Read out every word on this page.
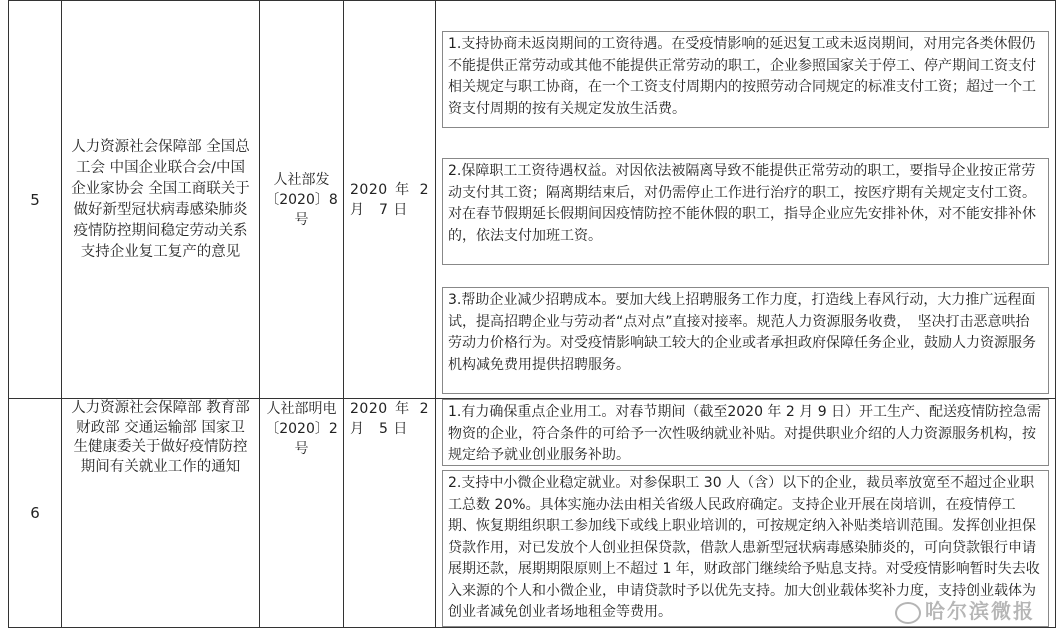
5	人力资源社会保障部 全国总工会 中国企业联合会/中国企业家协会 全国工商联关于做好新型冠状病毒感染肺炎疫情防控期间稳定劳动关系支持企业复工复产的意见	人社部发〔2020〕8 号	2020 年 2 月　7 日	1.支持协商未返岗期间的工资待遇。在受疫情影响的延迟复工或未返岗期间，对用完各类休假仍不能提供正常劳动或其他不能提供正常劳动的职工，企业参照国家关于停工、停产期间工资支付相关规定与职工协商，在一个工资支付周期内的按照劳动合同规定的标准支付工资；超过一个工资支付周期的按有关规定发放生活费。
2.保障职工工资待遇权益。对因依法被隔离导致不能提供正常劳动的职工，要指导企业按正常劳动支付其工资；隔离期结束后，对仍需停止工作进行治疗的职工，按医疗期有关规定支付工资。对在春节假期延长假期间因疫情防控不能休假的职工，指导企业应先安排补休，对不能安排补休的，依法支付加班工资。
3.帮助企业减少招聘成本。要加大线上招聘服务工作力度，打造线上春风行动，大力推广远程面试，提高招聘企业与劳动者“点对点”直接对接率。规范人力资源服务收费，　坚决打击恶意哄抬劳动力价格行为。对受疫情影响缺工较大的企业或者承担政府保障任务企业，鼓励人力资源服务机构减免费用提供招聘服务。

6	人力资源社会保障部 教育部 财政部 交通运输部 国家卫生健康委关于做好疫情防控期间有关就业工作的通知	人社部明电〔2020〕2 号	2020 年 2 月　5 日	1.有力确保重点企业用工。对春节期间（截至2020 年 2 月 9 日）开工生产、配送疫情防控急需物资的企业，符合条件的可给予一次性吸纳就业补贴。对提供职业介绍的人力资源服务机构，按规定给予就业创业服务补助。
2.支持中小微企业稳定就业。对参保职工 30 人（含）以下的企业，裁员率放宽至不超过企业职工总数 20%。具体实施办法由相关省级人民政府确定。支持企业开展在岗培训，在疫情停工期、恢复期组织职工参加线下或线上职业培训的，可按规定纳入补贴类培训范围。发挥创业担保贷款作用，对已发放个人创业担保贷款，借款人患新型冠状病毒感染肺炎的，可向贷款银行申请展期还款，展期期限原则上不超过 1 年，财政部门继续给予贴息支持。对受疫情影响暂时失去收入来源的个人和小微企业，申请贷款时予以优先支持。加大创业载体奖补力度，支持创业载体为创业者减免创业者场地租金等费用。	哈尔滨微报
